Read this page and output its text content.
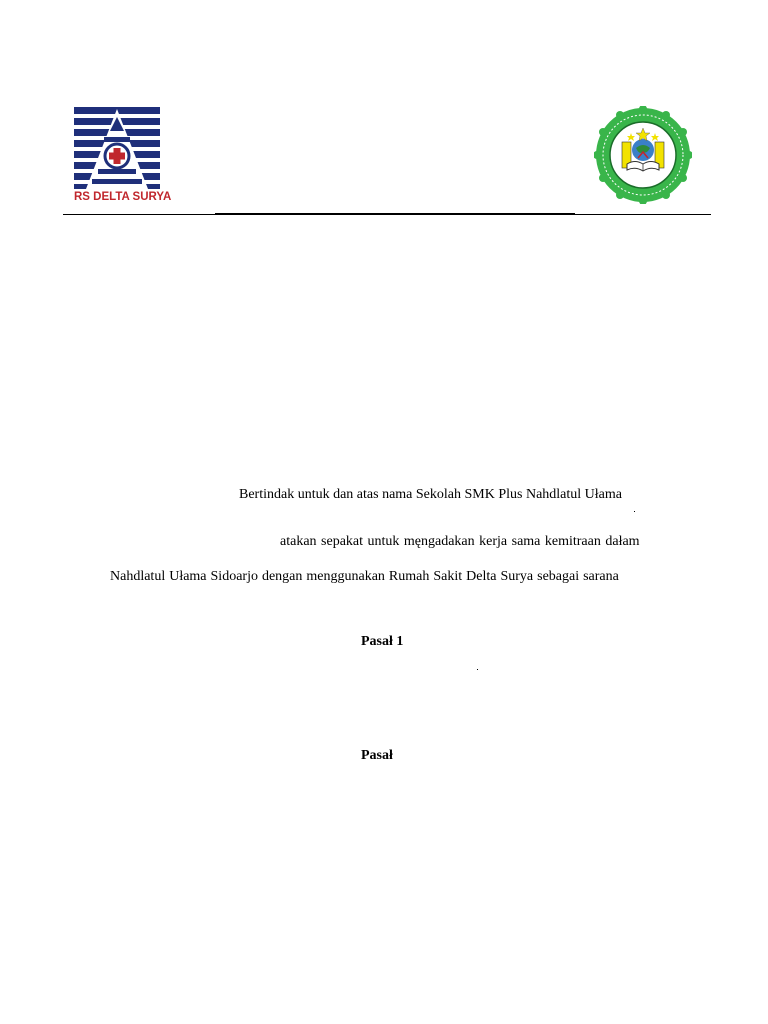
RS DELTA SURYA
Bertindak untuk dan atas nama Sekolah SMK Plus Nahdlatul Ułama
atakan sepakat untuk męngadakan kerja sama kemitraan dałam
Nahdlatul Ułama Sidoarjo dengan menggunakan Rumah Sakit Delta Surya sebagai sarana
Pasał 1
Pasał
